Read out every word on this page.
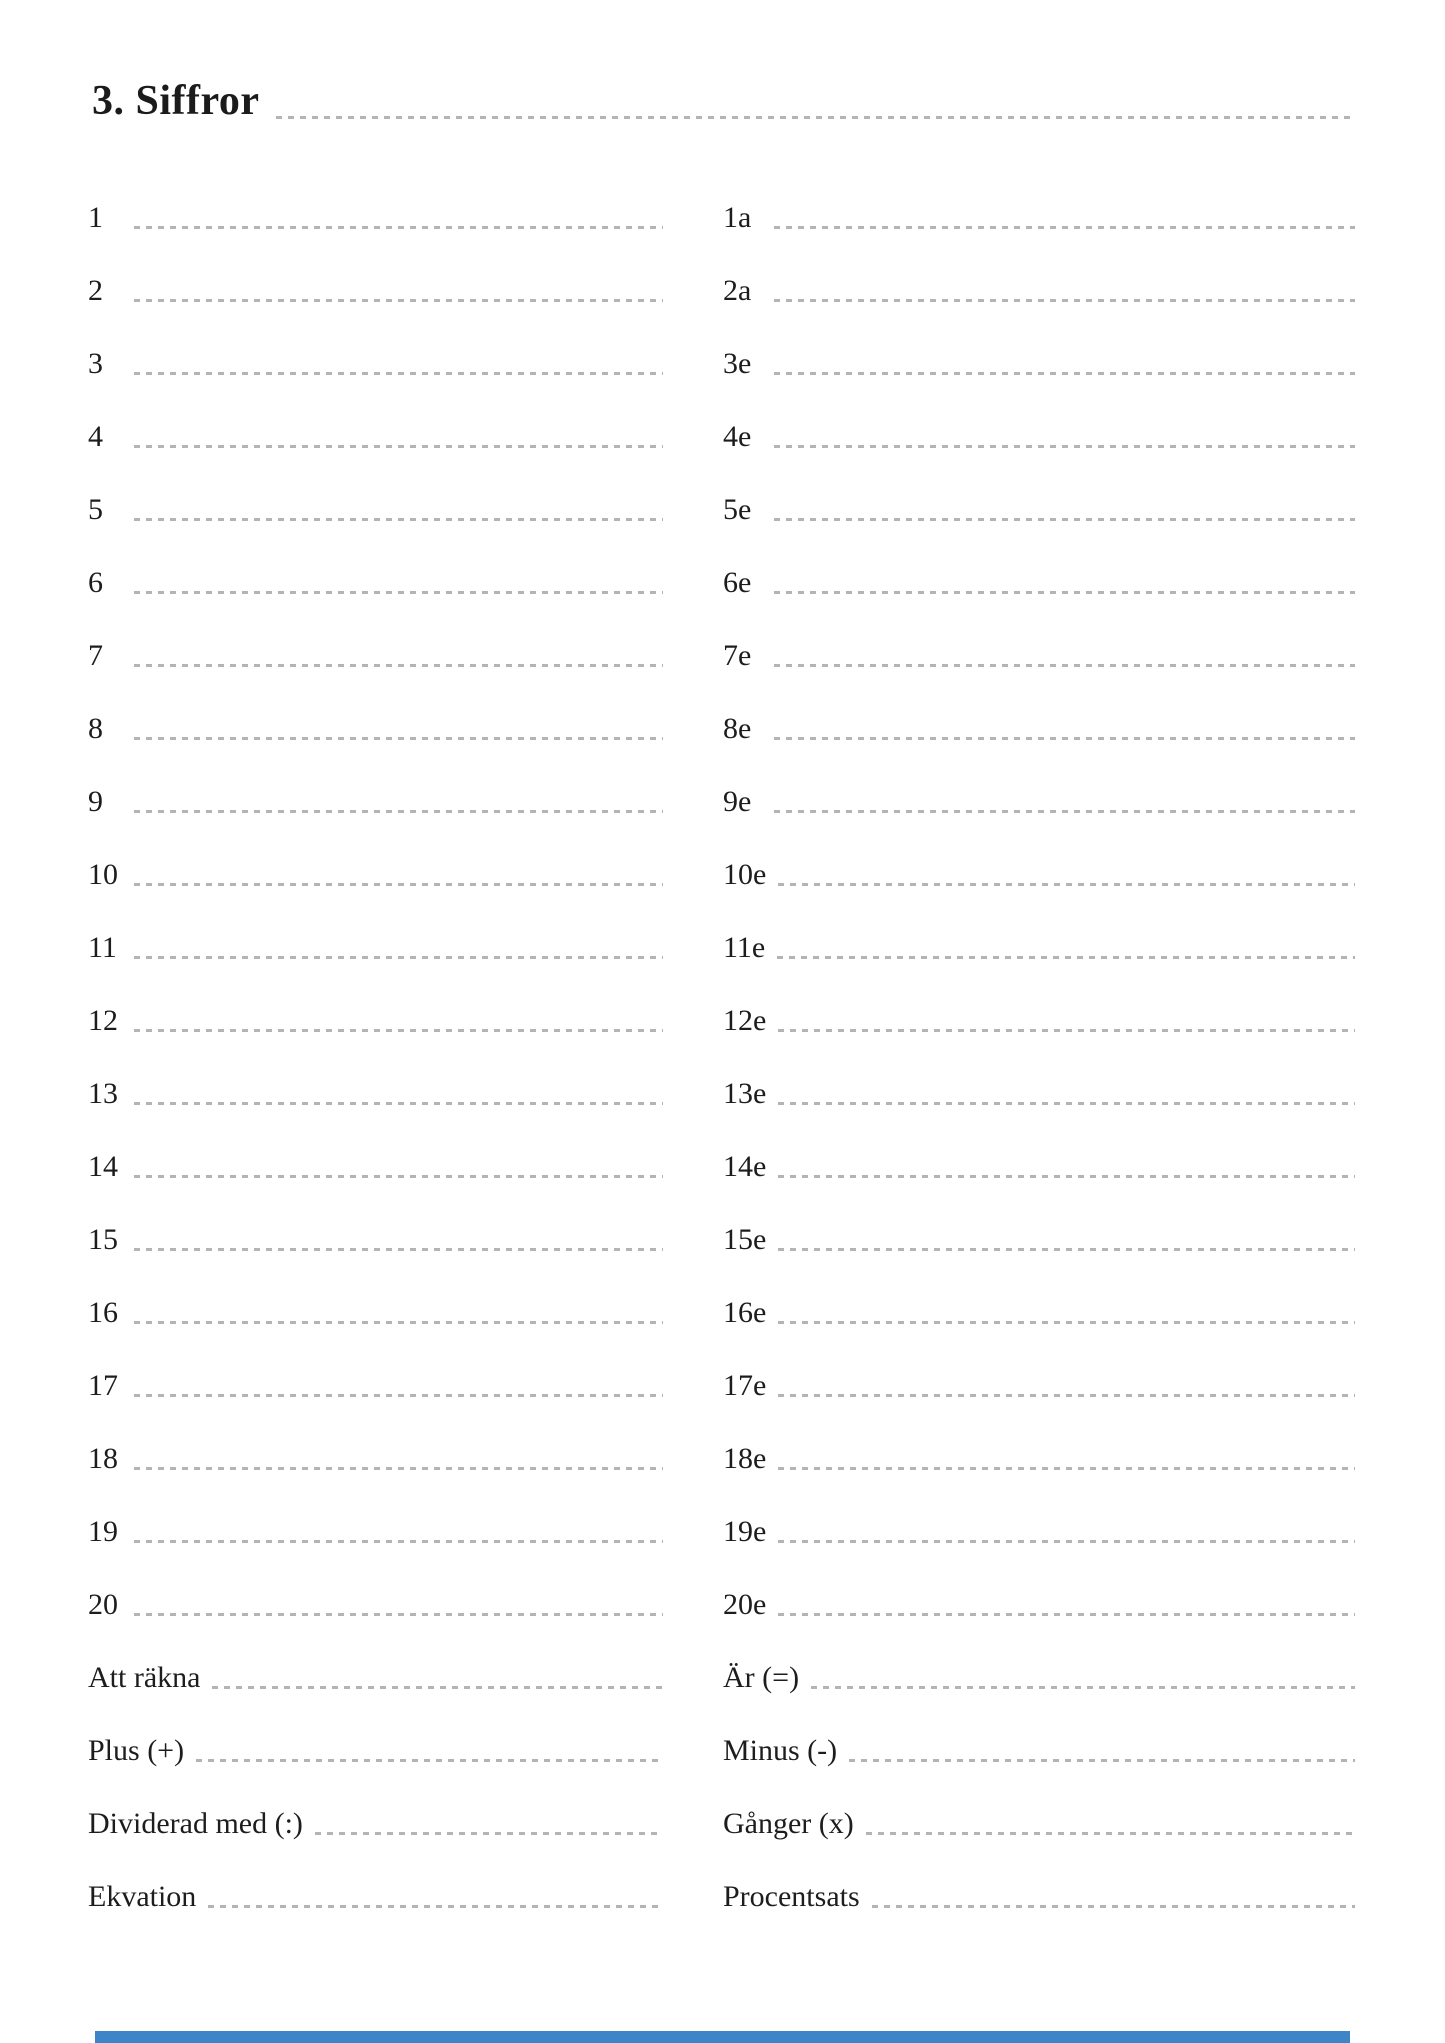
3. Siffror
1
2
3
4
5
6
7
8
9
10
11
12
13
14
15
16
17
18
19
20
Att räkna
Plus (+)
Dividerad med (:)
Ekvation
1a
2a
3e
4e
5e
6e
7e
8e
9e
10e
11e
12e
13e
14e
15e
16e
17e
18e
19e
20e
Är (=)
Minus (-)
Gånger (x)
Procentsats
